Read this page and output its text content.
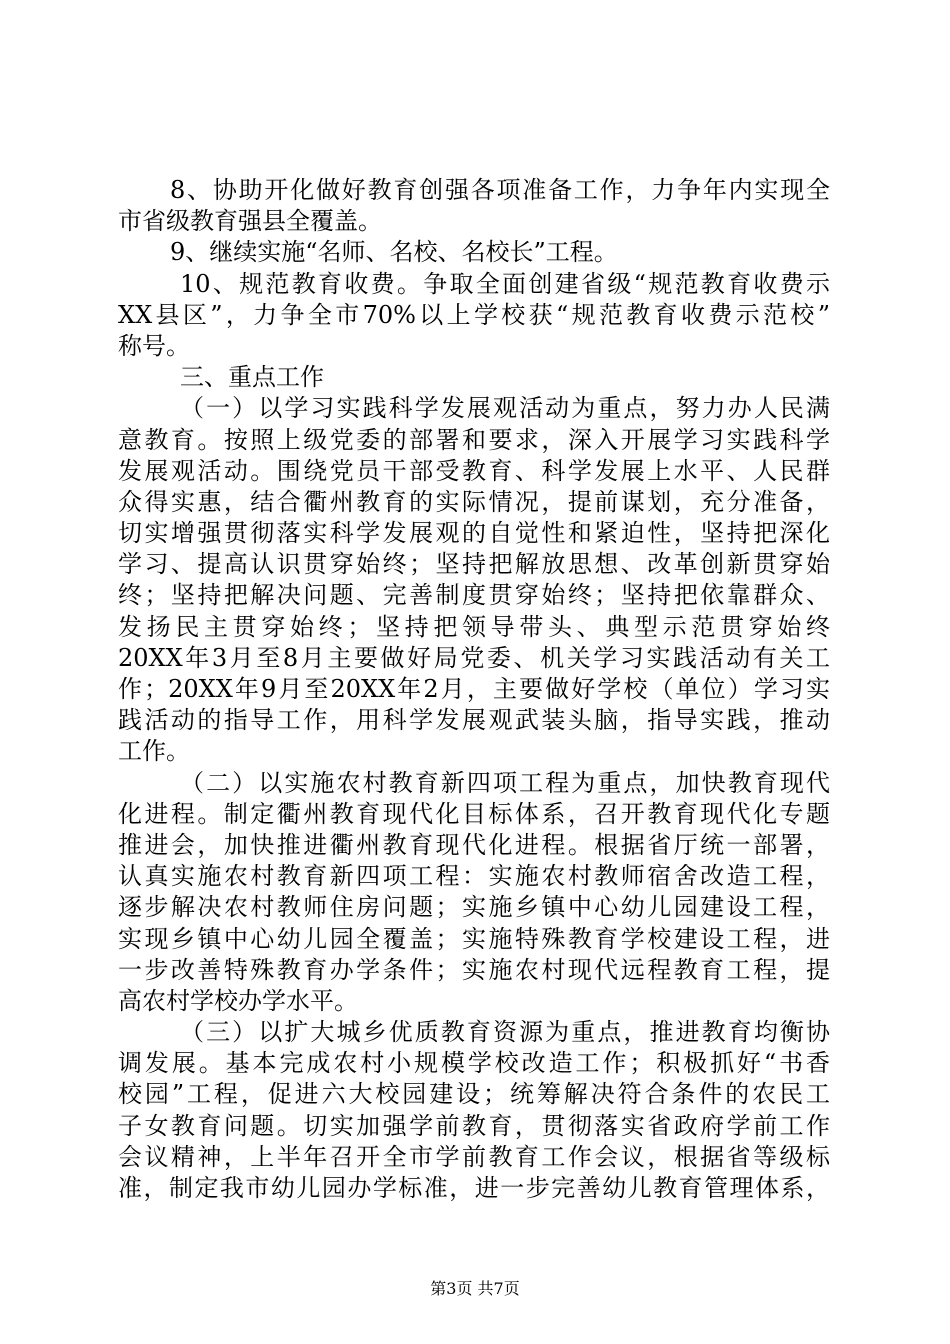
8、协助开化做好教育创强各项准备工作，力争年内实现全
市省级教育强县全覆盖。
9、继续实施“名师、名校、名校长”工程。
10、规范教育收费。争取全面创建省级“规范教育收费示
XX县区”，力争全市70%以上学校获“规范教育收费示范校”
称号。
三、重点工作
（一）以学习实践科学发展观活动为重点，努力办人民满
意教育。按照上级党委的部署和要求，深入开展学习实践科学
发展观活动。围绕党员干部受教育、科学发展上水平、人民群
众得实惠，结合衢州教育的实际情况，提前谋划，充分准备，
切实增强贯彻落实科学发展观的自觉性和紧迫性，坚持把深化
学习、提高认识贯穿始终；坚持把解放思想、改革创新贯穿始
终；坚持把解决问题、完善制度贯穿始终；坚持把依靠群众、
发扬民主贯穿始终；坚持把领导带头、典型示范贯穿始终
20XX年3月至8月主要做好局党委、机关学习实践活动有关工
作；20XX年9月至20XX年2月，主要做好学校（单位）学习实
践活动的指导工作，用科学发展观武装头脑，指导实践，推动
工作。
（二）以实施农村教育新四项工程为重点，加快教育现代
化进程。制定衢州教育现代化目标体系，召开教育现代化专题
推进会，加快推进衢州教育现代化进程。根据省厅统一部署，
认真实施农村教育新四项工程：实施农村教师宿舍改造工程，
逐步解决农村教师住房问题；实施乡镇中心幼儿园建设工程，
实现乡镇中心幼儿园全覆盖；实施特殊教育学校建设工程，进
一步改善特殊教育办学条件；实施农村现代远程教育工程，提
高农村学校办学水平。
（三）以扩大城乡优质教育资源为重点，推进教育均衡协
调发展。基本完成农村小规模学校改造工作；积极抓好“书香
校园”工程，促进六大校园建设；统筹解决符合条件的农民工
子女教育问题。切实加强学前教育，贯彻落实省政府学前工作
会议精神，上半年召开全市学前教育工作会议，根据省等级标
准，制定我市幼儿园办学标准，进一步完善幼儿教育管理体系，
第3页 共7页
